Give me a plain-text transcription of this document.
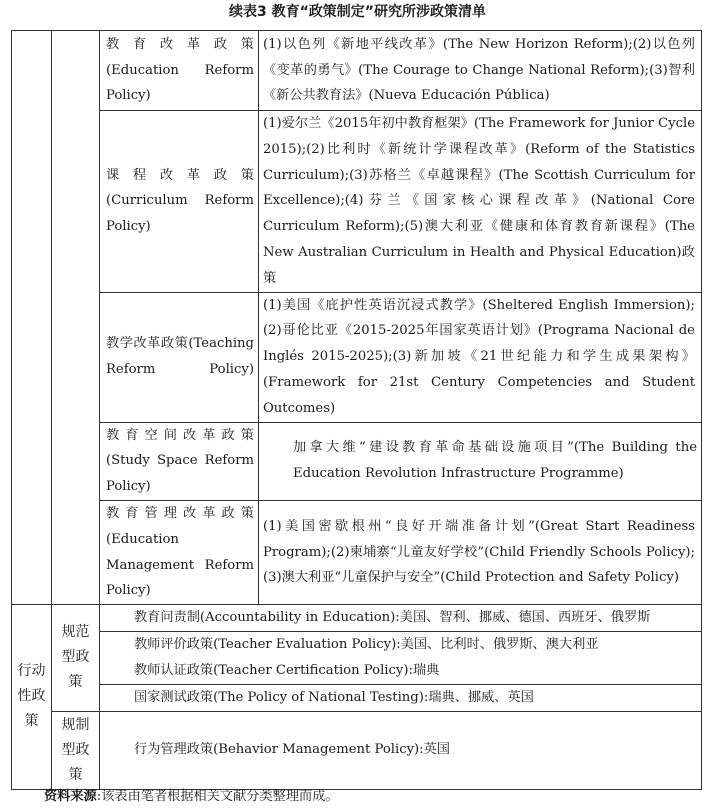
续表3 教育“政策制定”研究所涉政策清单

		教育改革政策(Education Reform Policy)	(1)以色列《新地平线改革》(The New Horizon Reform);(2)以色列《变革的勇气》(The Courage to Change National Reform);(3)智利《新公共教育法》(Nueva Educación Pública)

		课程改革政策(Curriculum Reform Policy)	(1)爱尔兰《2015年初中教育框架》(The Framework for Junior Cycle 2015);(2)比利时《新统计学课程改革》(Reform of the Statistics Curriculum);(3)苏格兰《卓越课程》(The Scottish Curriculum for Excellence);(4)芬兰《国家核心课程改革》(National Core Curriculum Reform);(5)澳大利亚《健康和体育教育新课程》(The New Australian Curriculum in Health and Physical Education)政策

		教学改革政策(Teaching Reform Policy)	(1)美国《庇护性英语沉浸式教学》(Sheltered English Immersion);(2)哥伦比亚《2015-2025年国家英语计划》(Programa Nacional de Inglés 2015-2025);(3)新加坡《21世纪能力和学生成果架构》(Framework for 21st Century Competencies and Student Outcomes)

		教育空间改革政策(Study Space Reform Policy)	加拿大维“建设教育革命基础设施项目”(The Building the Education Revolution Infrastructure Programme)

		教育管理改革政策(Education Management Reform Policy)	(1)美国密歇根州“良好开端准备计划”(Great Start Readiness Program);(2)柬埔寨“儿童友好学校”(Child Friendly Schools Policy);(3)澳大利亚“儿童保护与安全”(Child Protection and Safety Policy)
行动性政策	规范型政策	教育问责制(Accountability in Education):美国、智利、挪威、德国、西班牙、俄罗斯	

		教师评价政策(Teacher Evaluation Policy):美国、比利时、俄罗斯、澳大利亚
教师认证政策(Teacher Certification Policy):瑞典	

		国家测试政策(The Policy of National Testing):瑞典、挪威、英国	
	规制型政策	行为管理政策(Behavior Management Policy):英国	
资料来源:该表由笔者根据相关文献分类整理而成。
